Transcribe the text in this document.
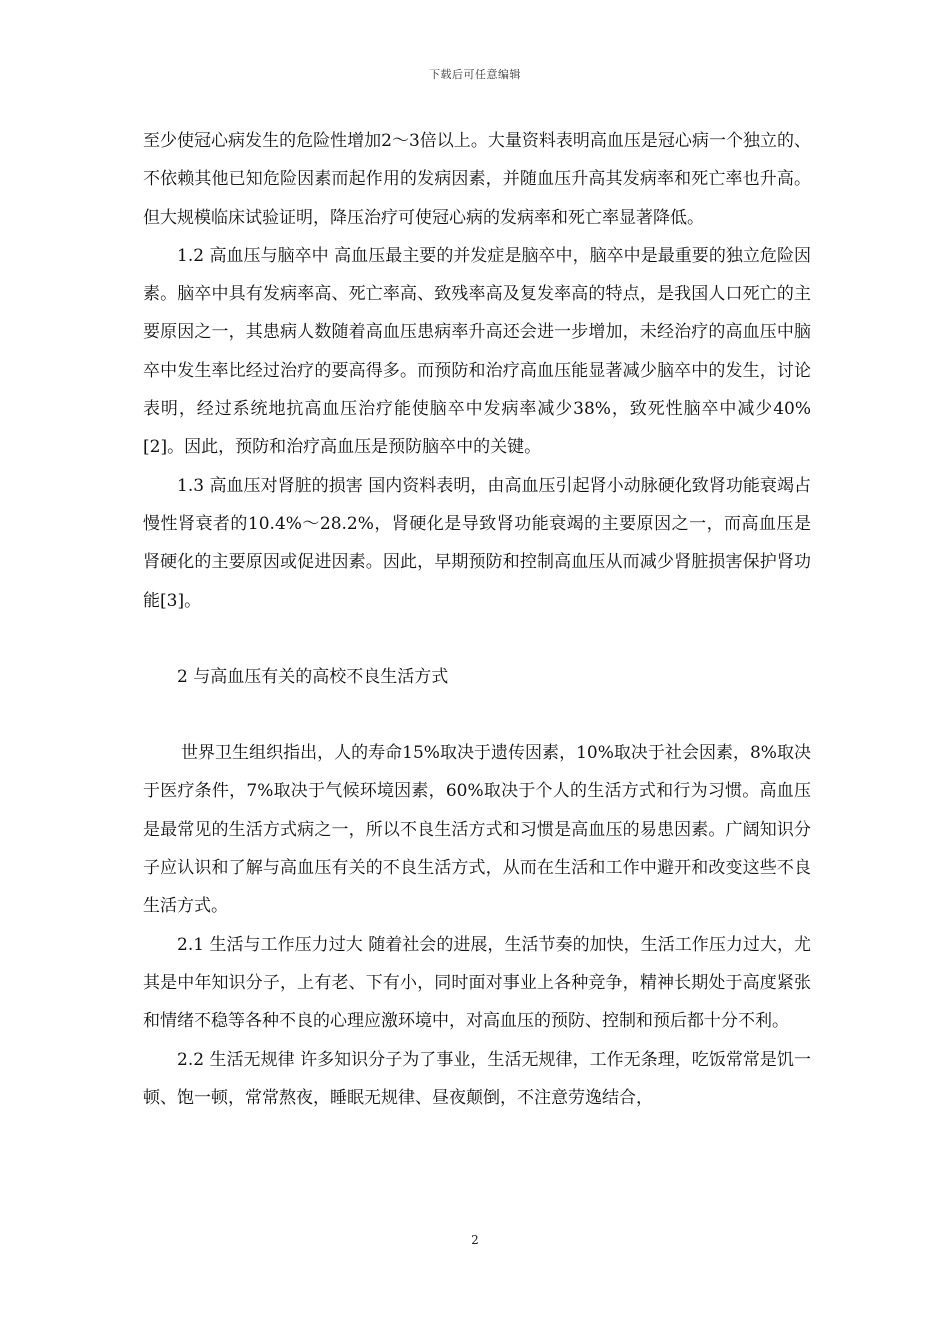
下载后可任意编辑

至少使冠心病发生的危险性增加2～3倍以上。大量资料表明高血压是冠心病一个独立的、不依赖其他已知危险因素而起作用的发病因素，并随血压升高其发病率和死亡率也升高。但大规模临床试验证明，降压治疗可使冠心病的发病率和死亡率显著降低。

1.2 高血压与脑卒中 高血压最主要的并发症是脑卒中，脑卒中是最重要的独立危险因素。脑卒中具有发病率高、死亡率高、致残率高及复发率高的特点，是我国人口死亡的主要原因之一，其患病人数随着高血压患病率升高还会进一步增加，未经治疗的高血压中脑卒中发生率比经过治疗的要高得多。而预防和治疗高血压能显著减少脑卒中的发生，讨论表明，经过系统地抗高血压治疗能使脑卒中发病率减少38%，致死性脑卒中减少40%[2]。因此，预防和治疗高血压是预防脑卒中的关键。

1.3 高血压对肾脏的损害 国内资料表明，由高血压引起肾小动脉硬化致肾功能衰竭占慢性肾衰者的10.4%～28.2%，肾硬化是导致肾功能衰竭的主要原因之一，而高血压是肾硬化的主要原因或促进因素。因此，早期预防和控制高血压从而减少肾脏损害保护肾功能[3]。

2 与高血压有关的高校不良生活方式

世界卫生组织指出，人的寿命15%取决于遗传因素，10%取决于社会因素，8%取决于医疗条件，7%取决于气候环境因素，60%取决于个人的生活方式和行为习惯。高血压是最常见的生活方式病之一，所以不良生活方式和习惯是高血压的易患因素。广阔知识分子应认识和了解与高血压有关的不良生活方式，从而在生活和工作中避开和改变这些不良生活方式。

2.1 生活与工作压力过大 随着社会的进展，生活节奏的加快，生活工作压力过大，尤其是中年知识分子，上有老、下有小，同时面对事业上各种竞争，精神长期处于高度紧张和情绪不稳等各种不良的心理应激环境中，对高血压的预防、控制和预后都十分不利。

2.2 生活无规律 许多知识分子为了事业，生活无规律，工作无条理，吃饭常常是饥一顿、饱一顿，常常熬夜，睡眠无规律、昼夜颠倒，不注意劳逸结合，

2
